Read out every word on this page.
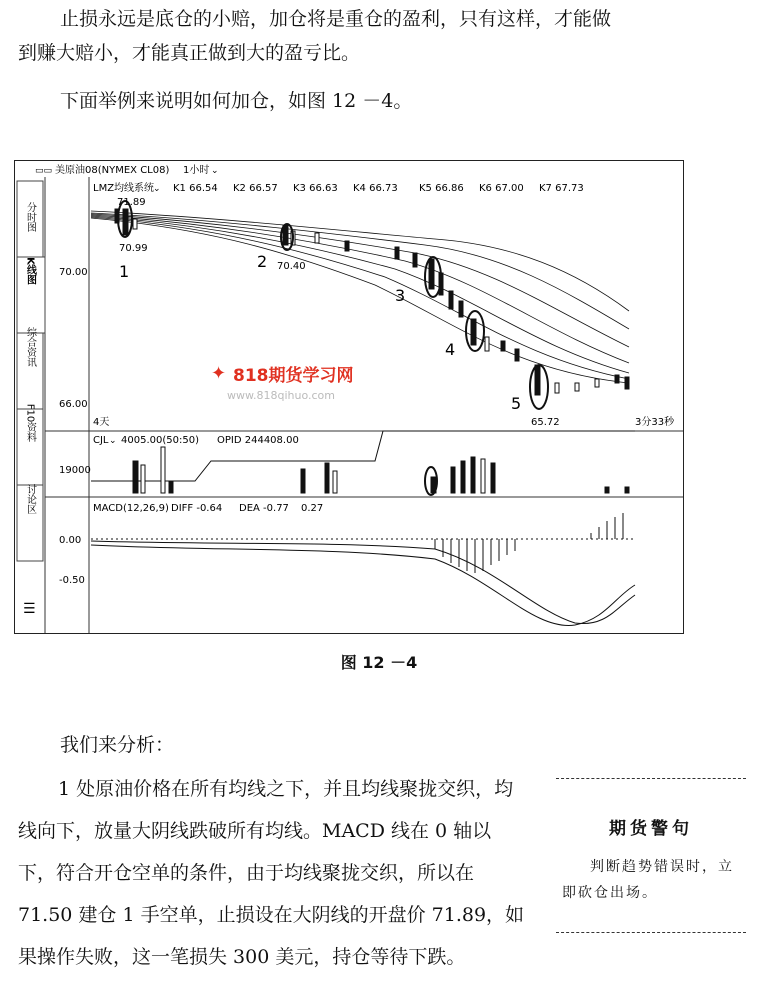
止损永远是底仓的小赔，加仓将是重仓的盈利，只有这样，才能做

到赚大赔小，才能真正做到大的盈亏比。

下面举例来说明如何加仓，如图 12 －4。

▭▭ 美原油08(NYMEX CL08) 1小时 ⌄
分时图
K线图
综合资讯
F10资料
讨论区
☰
LMZ均线系统
⌄ K1 66.54 K2 66.57 K3 66.63 K4 66.73 K5 66.86 K6 67.00 K7 67.73
70.00
66.00
71.89
70.99
70.40
65.72
1
2
3
4
5
✦ 818期货学习网
www.818qihuo.com
4天	3分33秒
CJL ⌄ 4005.00(50:50) OPID 244408.00
19000
MACD(12,26,9) DIFF -0.64 DEA -0.77 0.27
0.00
-0.50
图 12 －4
我们来分析：
1 处原油价格在所有均线之下，并且均线聚拢交织，均线向下，放量大阴线跌破所有均线。MACD 线在 0 轴以下，符合开仓空单的条件，由于均线聚拢交织，所以在 71.50 建仓 1 手空单，止损设在大阴线的开盘价 71.89，如果操作失败，这一笔损失 300 美元，持仓等待下跌。
期货警句
判断趋势错误时，立即砍仓出场。
